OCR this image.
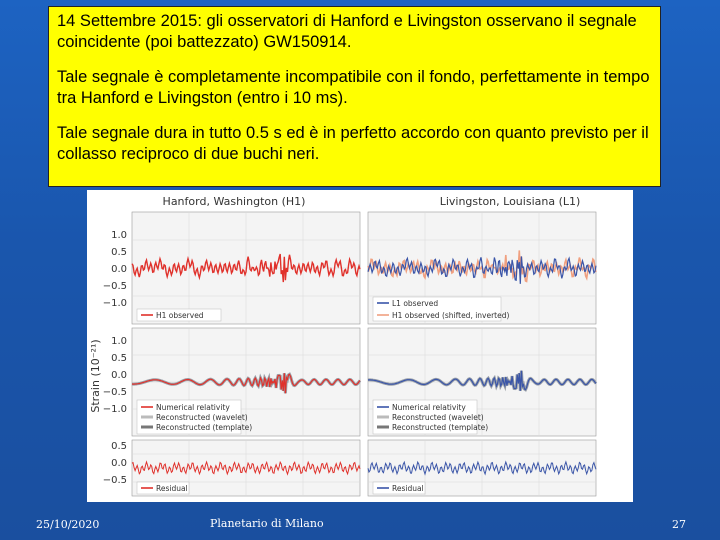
14 Settembre 2015: gli osservatori di Hanford e Livingston osservano il segnale coincidente (poi battezzato) GW150914.

Tale segnale è completamente incompatibile con il fondo, perfettamente in tempo tra Hanford e Livingston (entro i 10 ms).

Tale segnale dura in tutto 0.5 s ed è in perfetto accordo con quanto previsto per il collasso reciproco di due buchi neri.

Hanford, Washington (H1)	Livingston, Louisiana (L1)
Strain (10⁻²¹)
1.0
0.5
0.0
−0.5
−1.0
1.0
0.5
0.0
−0.5
−1.0
0.5
0.0
−0.5
H1 observed
L1 observed
H1 observed (shifted, inverted)
Numerical relativity
Reconstructed (wavelet)
Reconstructed (template)
Numerical relativity
Reconstructed (wavelet)
Reconstructed (template)
Residual	Residual
25/10/2020	Planetario di Milano	27
